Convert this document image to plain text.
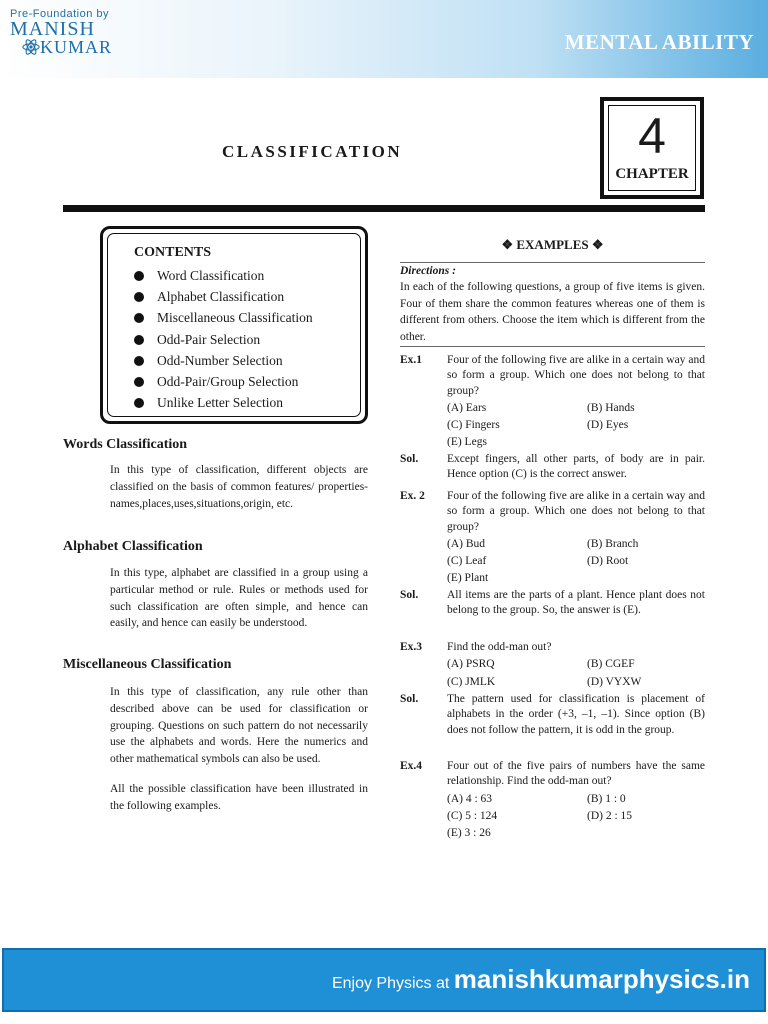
Pre-Foundation by
MANISH
KUMAR	MENTAL ABILITY
CLASSIFICATION	4
CHAPTER
CONTENTS
Word Classification
Alphabet Classification
Miscellaneous Classification
Odd-Pair Selection
Odd-Number Selection
Odd-Pair/Group Selection
Unlike Letter Selection
Words Classification
In this type of classification, different objects are classified on the basis of common features/ properties-names,places,uses,situations,origin, etc.
Alphabet Classification
In this type, alphabet are classified in a group using a particular method or rule. Rules or methods used for such classification are often simple, and hence can easily, and hence can easily be understood.
Miscellaneous Classification
In this type of classification, any rule other than described above can be used for classification or grouping. Questions on such pattern do not necessarily use the alphabets and words. Here the numerics and other mathematical symbols can also be used.
All the possible classification have been illustrated in the following examples.
❖ EXAMPLES ❖
Directions :
In each of the following questions, a group of five items is given. Four of them share the common features whereas one of them is different from others. Choose the item which is different from the other.
Ex.1 Four of the following five are alike in a certain way and so form a group. Which one does not belong to that group?
(A) Ears	(B) Hands
(C) Fingers	(D) Eyes
(E) Legs
Sol.	Except fingers, all other parts, of body are in pair. Hence option (C) is the correct answer.
Ex. 2 Four of the following five are alike in a certain way and so form a group. Which one does not belong to that group?
(A) Bud	(B) Branch
(C) Leaf	(D) Root
(E) Plant
Sol.	All items are the parts of a plant. Hence plant does not belong to the group. So, the answer is (E).
Ex.3 Find the odd-man out?
(A) PSRQ	(B) CGEF
(C) JMLK	(D) VYXW
Sol.	The pattern used for classification is placement of alphabets in the order (+3, –1, –1). Since option (B) does not follow the pattern, it is odd in the group.
Ex.4 Four out of the five pairs of numbers have the same relationship. Find the odd-man out?
(A) 4 : 63	(B) 1 : 0
(C) 5 : 124	(D) 2 : 15
(E) 3 : 26
Enjoy Physics at manishkumarphysics.in
